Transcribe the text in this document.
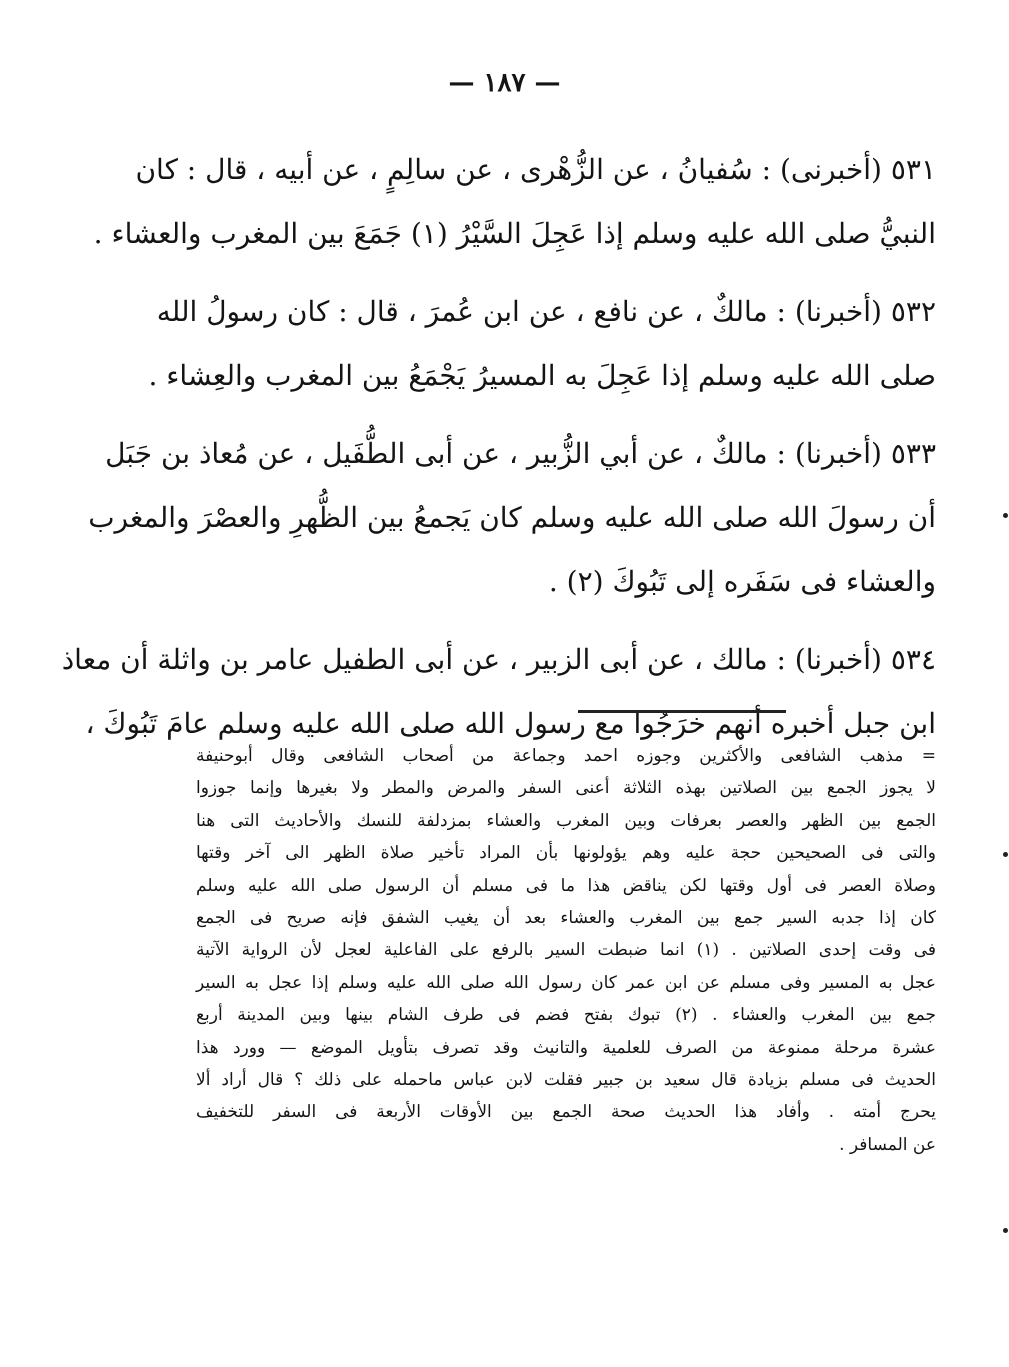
— ١٨٧ —
٥٣١ (أخبرنى) : سُفيانُ ، عن الزُّهْرى ، عن سالِمٍ ، عن أبيه ، قال : كان
النبيُّ صلى الله عليه وسلم إذا عَجِلَ السَّيْرُ (١) جَمَعَ بين المغرب والعشاء .
٥٣٢ (أخبرنا) : مالكٌ ، عن نافع ، عن ابن عُمرَ ، قال : كان رسولُ الله
صلى الله عليه وسلم إذا عَجِلَ به المسيرُ يَجْمَعُ بين المغرب والعِشاء .
٥٣٣ (أخبرنا) : مالكٌ ، عن أبي الزُّبير ، عن أبى الطُّفَيل ، عن مُعاذ بن جَبَل
أن رسولَ الله صلى الله عليه وسلم كان يَجمعُ بين الظُّهرِ والعصْرَ والمغرب
والعشاء فى سَفَره إلى تَبُوكَ (٢) .
٥٣٤ (أخبرنا) : مالك ، عن أبى الزبير ، عن أبى الطفيل عامر بن واثلة أن معاذ
ابن جبل أخبره أنهم خرَجُوا مع رسول الله صلى الله عليه وسلم عامَ تَبُوكَ ،
= مذهب الشافعى والأكثرين وجوزه احمد وجماعة من أصحاب الشافعى وقال أبوحنيفة
لا يجوز الجمع بين الصلاتين بهذه الثلاثة أعنى السفر والمرض والمطر ولا بغيرها وإنما جوزوا
الجمع بين الظهر والعصر بعرفات وبين المغرب والعشاء بمزدلفة للنسك والأحاديث التى هنا
والتى فى الصحيحين حجة عليه وهم يؤولونها بأن المراد تأخير صلاة الظهر الى آخر وقتها
وصلاة العصر فى أول وقتها لكن يناقض هذا ما فى مسلم أن الرسول صلى الله عليه وسلم
كان إذا جدبه السير جمع بين المغرب والعشاء بعد أن يغيب الشفق فإنه صريح فى الجمع
فى وقت إحدى الصلاتين . (١) انما ضبطت السير بالرفع على الفاعلية لعجل لأن الرواية الآتية
عجل به المسير وفى مسلم عن ابن عمر كان رسول الله صلى الله عليه وسلم إذا عجل به السير
جمع بين المغرب والعشاء . (٢) تبوك بفتح فضم فى طرف الشام بينها وبين المدينة أربع
عشرة مرحلة ممنوعة من الصرف للعلمية والتانيث وقد تصرف بتأويل الموضع — وورد هذا
الحديث فى مسلم بزيادة قال سعيد بن جبير فقلت لابن عباس ماحمله على ذلك ؟ قال أراد ألا
يحرج أمته . وأفاد هذا الحديث صحة الجمع بين الأوقات الأربعة فى السفر للتخفيف
عن المسافر .
